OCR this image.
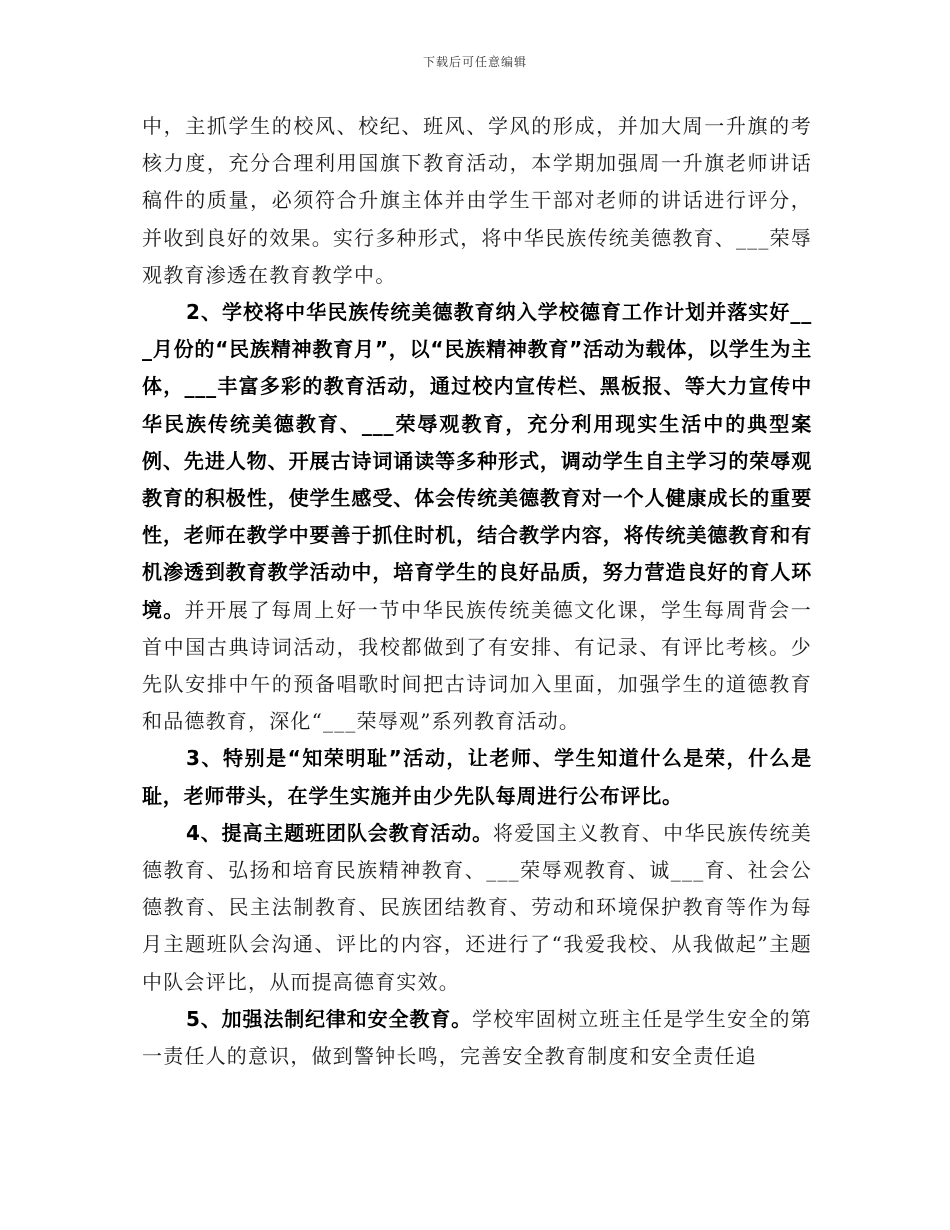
下载后可任意编辑

中，主抓学生的校风、校纪、班风、学风的形成，并加大周一升旗的考核力度，充分合理利用国旗下教育活动，本学期加强周一升旗老师讲话稿件的质量，必须符合升旗主体并由学生干部对老师的讲话进行评分，并收到良好的效果。实行多种形式，将中华民族传统美德教育、___荣辱观教育渗透在教育教学中。

2、学校将中华民族传统美德教育纳入学校德育工作计划并落实好___月份的“民族精神教育月”，以“民族精神教育”活动为载体，以学生为主体，___丰富多彩的教育活动，通过校内宣传栏、黑板报、等大力宣传中华民族传统美德教育、___荣辱观教育，充分利用现实生活中的典型案例、先进人物、开展古诗词诵读等多种形式，调动学生自主学习的荣辱观教育的积极性，使学生感受、体会传统美德教育对一个人健康成长的重要性，老师在教学中要善于抓住时机，结合教学内容，将传统美德教育和有机渗透到教育教学活动中，培育学生的良好品质，努力营造良好的育人环境。并开展了每周上好一节中华民族传统美德文化课，学生每周背会一首中国古典诗词活动，我校都做到了有安排、有记录、有评比考核。少先队安排中午的预备唱歌时间把古诗词加入里面，加强学生的道德教育和品德教育，深化“___荣辱观”系列教育活动。

3、特别是“知荣明耻”活动，让老师、学生知道什么是荣，什么是耻，老师带头，在学生实施并由少先队每周进行公布评比。

4、提高主题班团队会教育活动。将爱国主义教育、中华民族传统美德教育、弘扬和培育民族精神教育、___荣辱观教育、诚___育、社会公德教育、民主法制教育、民族团结教育、劳动和环境保护教育等作为每月主题班队会沟通、评比的内容，还进行了“我爱我校、从我做起”主题中队会评比，从而提高德育实效。

5、加强法制纪律和安全教育。学校牢固树立班主任是学生安全的第一责任人的意识，做到警钟长鸣，完善安全教育制度和安全责任追
